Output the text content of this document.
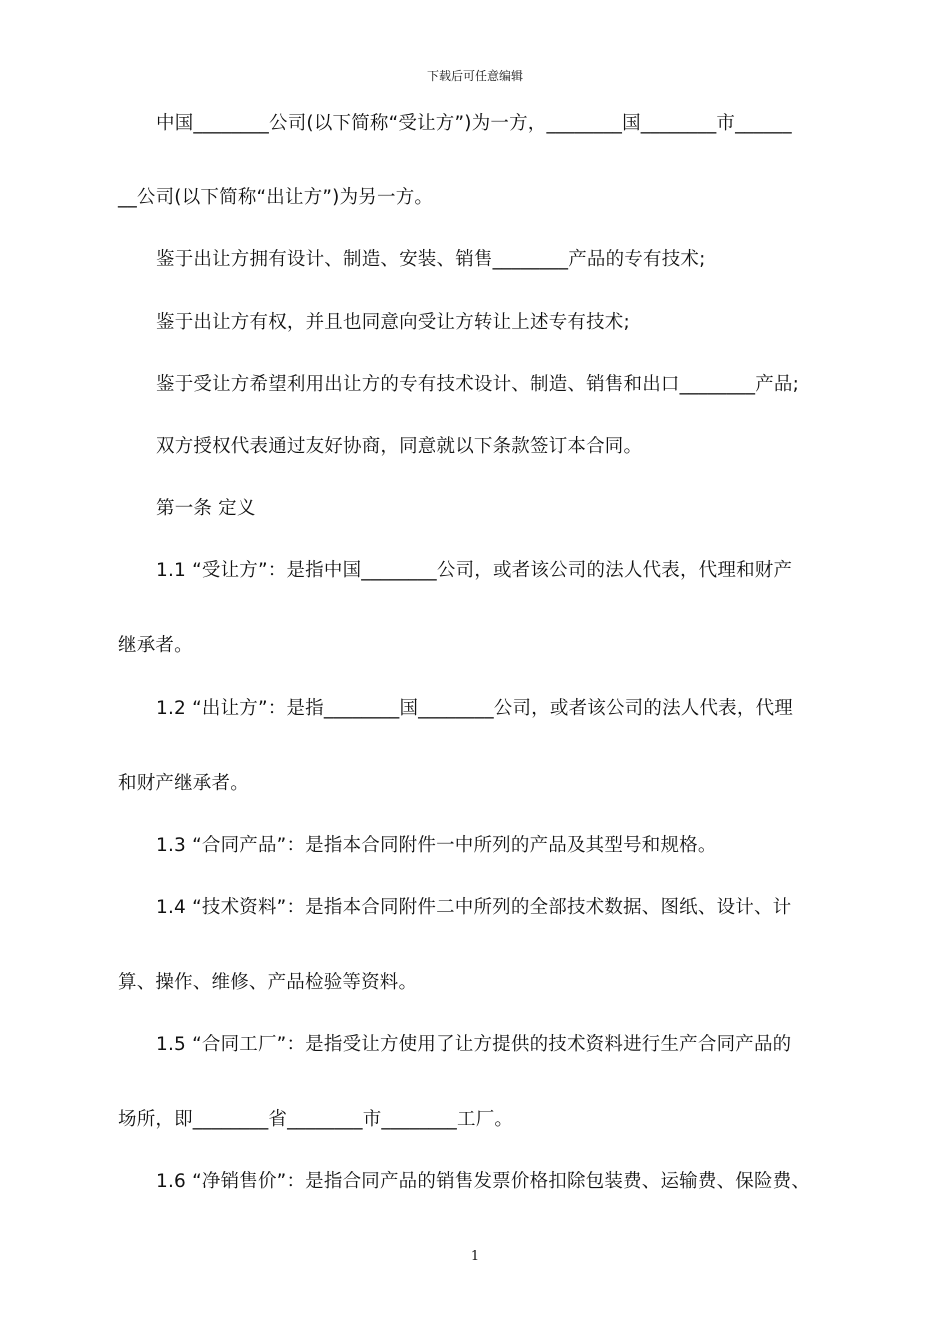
下载后可任意编辑
中国________公司(以下简称“受让方”)为一方，________国________市______
__公司(以下简称“出让方”)为另一方。
鉴于出让方拥有设计、制造、安装、销售________产品的专有技术;
鉴于出让方有权，并且也同意向受让方转让上述专有技术;
鉴于受让方希望利用出让方的专有技术设计、制造、销售和出口________产品;
双方授权代表通过友好协商，同意就以下条款签订本合同。
第一条 定义
1.1 “受让方”：是指中国________公司，或者该公司的法人代表，代理和财产
继承者。
1.2 “出让方”：是指________国________公司，或者该公司的法人代表，代理
和财产继承者。
1.3 “合同产品”：是指本合同附件一中所列的产品及其型号和规格。
1.4 “技术资料”：是指本合同附件二中所列的全部技术数据、图纸、设计、计
算、操作、维修、产品检验等资料。
1.5 “合同工厂”：是指受让方使用了让方提供的技术资料进行生产合同产品的
场所，即________省________市________工厂。
1.6 “净销售价”：是指合同产品的销售发票价格扣除包装费、运输费、保险费、
1
